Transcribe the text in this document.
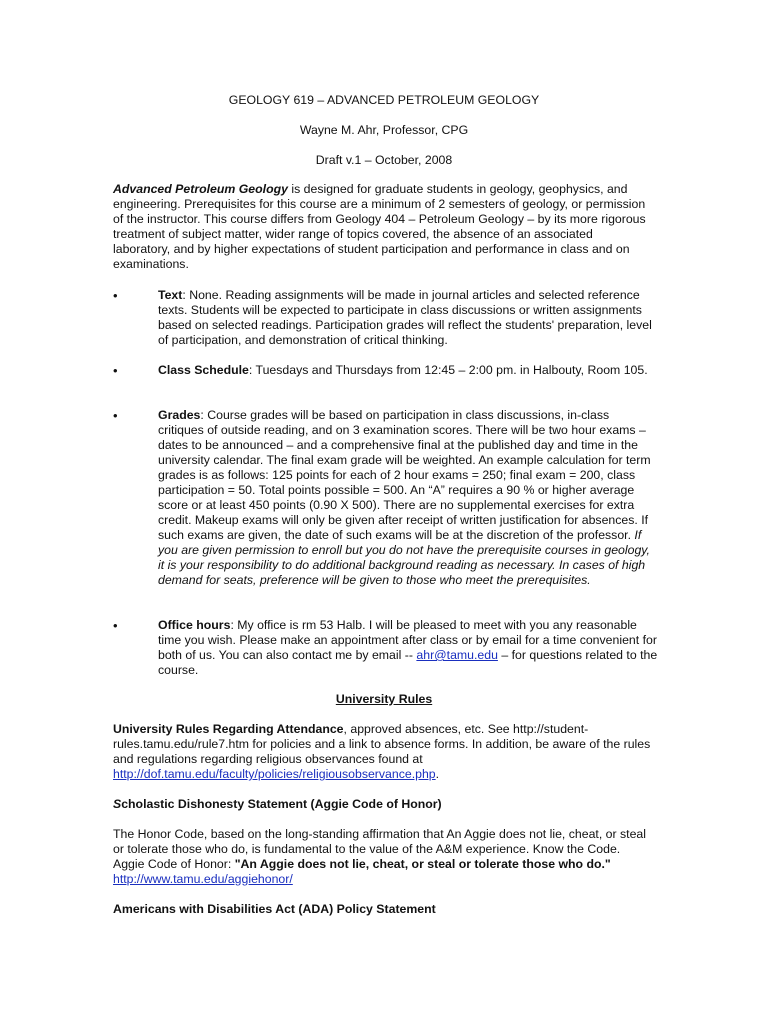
GEOLOGY 619 – ADVANCED PETROLEUM GEOLOGY
Wayne M. Ahr, Professor, CPG
Draft v.1 – October, 2008
Advanced Petroleum Geology is designed for graduate students in geology, geophysics, and engineering. Prerequisites for this course are a minimum of 2 semesters of geology, or permission of the instructor. This course differs from Geology 404 – Petroleum Geology – by its more rigorous treatment of subject matter, wider range of topics covered, the absence of an associated laboratory, and by higher expectations of student participation and performance in class and on examinations.
•	Text: None. Reading assignments will be made in journal articles and selected reference texts. Students will be expected to participate in class discussions or written assignments based on selected readings. Participation grades will reflect the students' preparation, level of participation, and demonstration of critical thinking.
•	Class Schedule: Tuesdays and Thursdays from 12:45 – 2:00 pm. in Halbouty, Room 105.
•	Grades: Course grades will be based on participation in class discussions, in-class critiques of outside reading, and on 3 examination scores. There will be two hour exams – dates to be announced – and a comprehensive final at the published day and time in the university calendar. The final exam grade will be weighted. An example calculation for term grades is as follows: 125 points for each of 2 hour exams = 250; final exam = 200, class participation = 50. Total points possible = 500. An “A” requires a 90 % or higher average score or at least 450 points (0.90 X 500). There are no supplemental exercises for extra credit. Makeup exams will only be given after receipt of written justification for absences. If such exams are given, the date of such exams will be at the discretion of the professor. If you are given permission to enroll but you do not have the prerequisite courses in geology, it is your responsibility to do additional background reading as necessary. In cases of high demand for seats, preference will be given to those who meet the prerequisites.
•	Office hours: My office is rm 53 Halb. I will be pleased to meet with you any reasonable time you wish. Please make an appointment after class or by email for a time convenient for both of us. You can also contact me by email -- ahr@tamu.edu – for questions related to the course.
University Rules
University Rules Regarding Attendance, approved absences, etc. See http://student-rules.tamu.edu/rule7.htm for policies and a link to absence forms. In addition, be aware of the rules and regulations regarding religious observances found at http://dof.tamu.edu/faculty/policies/religiousobservance.php.
Scholastic Dishonesty Statement (Aggie Code of Honor)
The Honor Code, based on the long-standing affirmation that An Aggie does not lie, cheat, or steal or tolerate those who do, is fundamental to the value of the A&M experience. Know the Code. Aggie Code of Honor: "An Aggie does not lie, cheat, or steal or tolerate those who do." http://www.tamu.edu/aggiehonor/
Americans with Disabilities Act (ADA) Policy Statement
